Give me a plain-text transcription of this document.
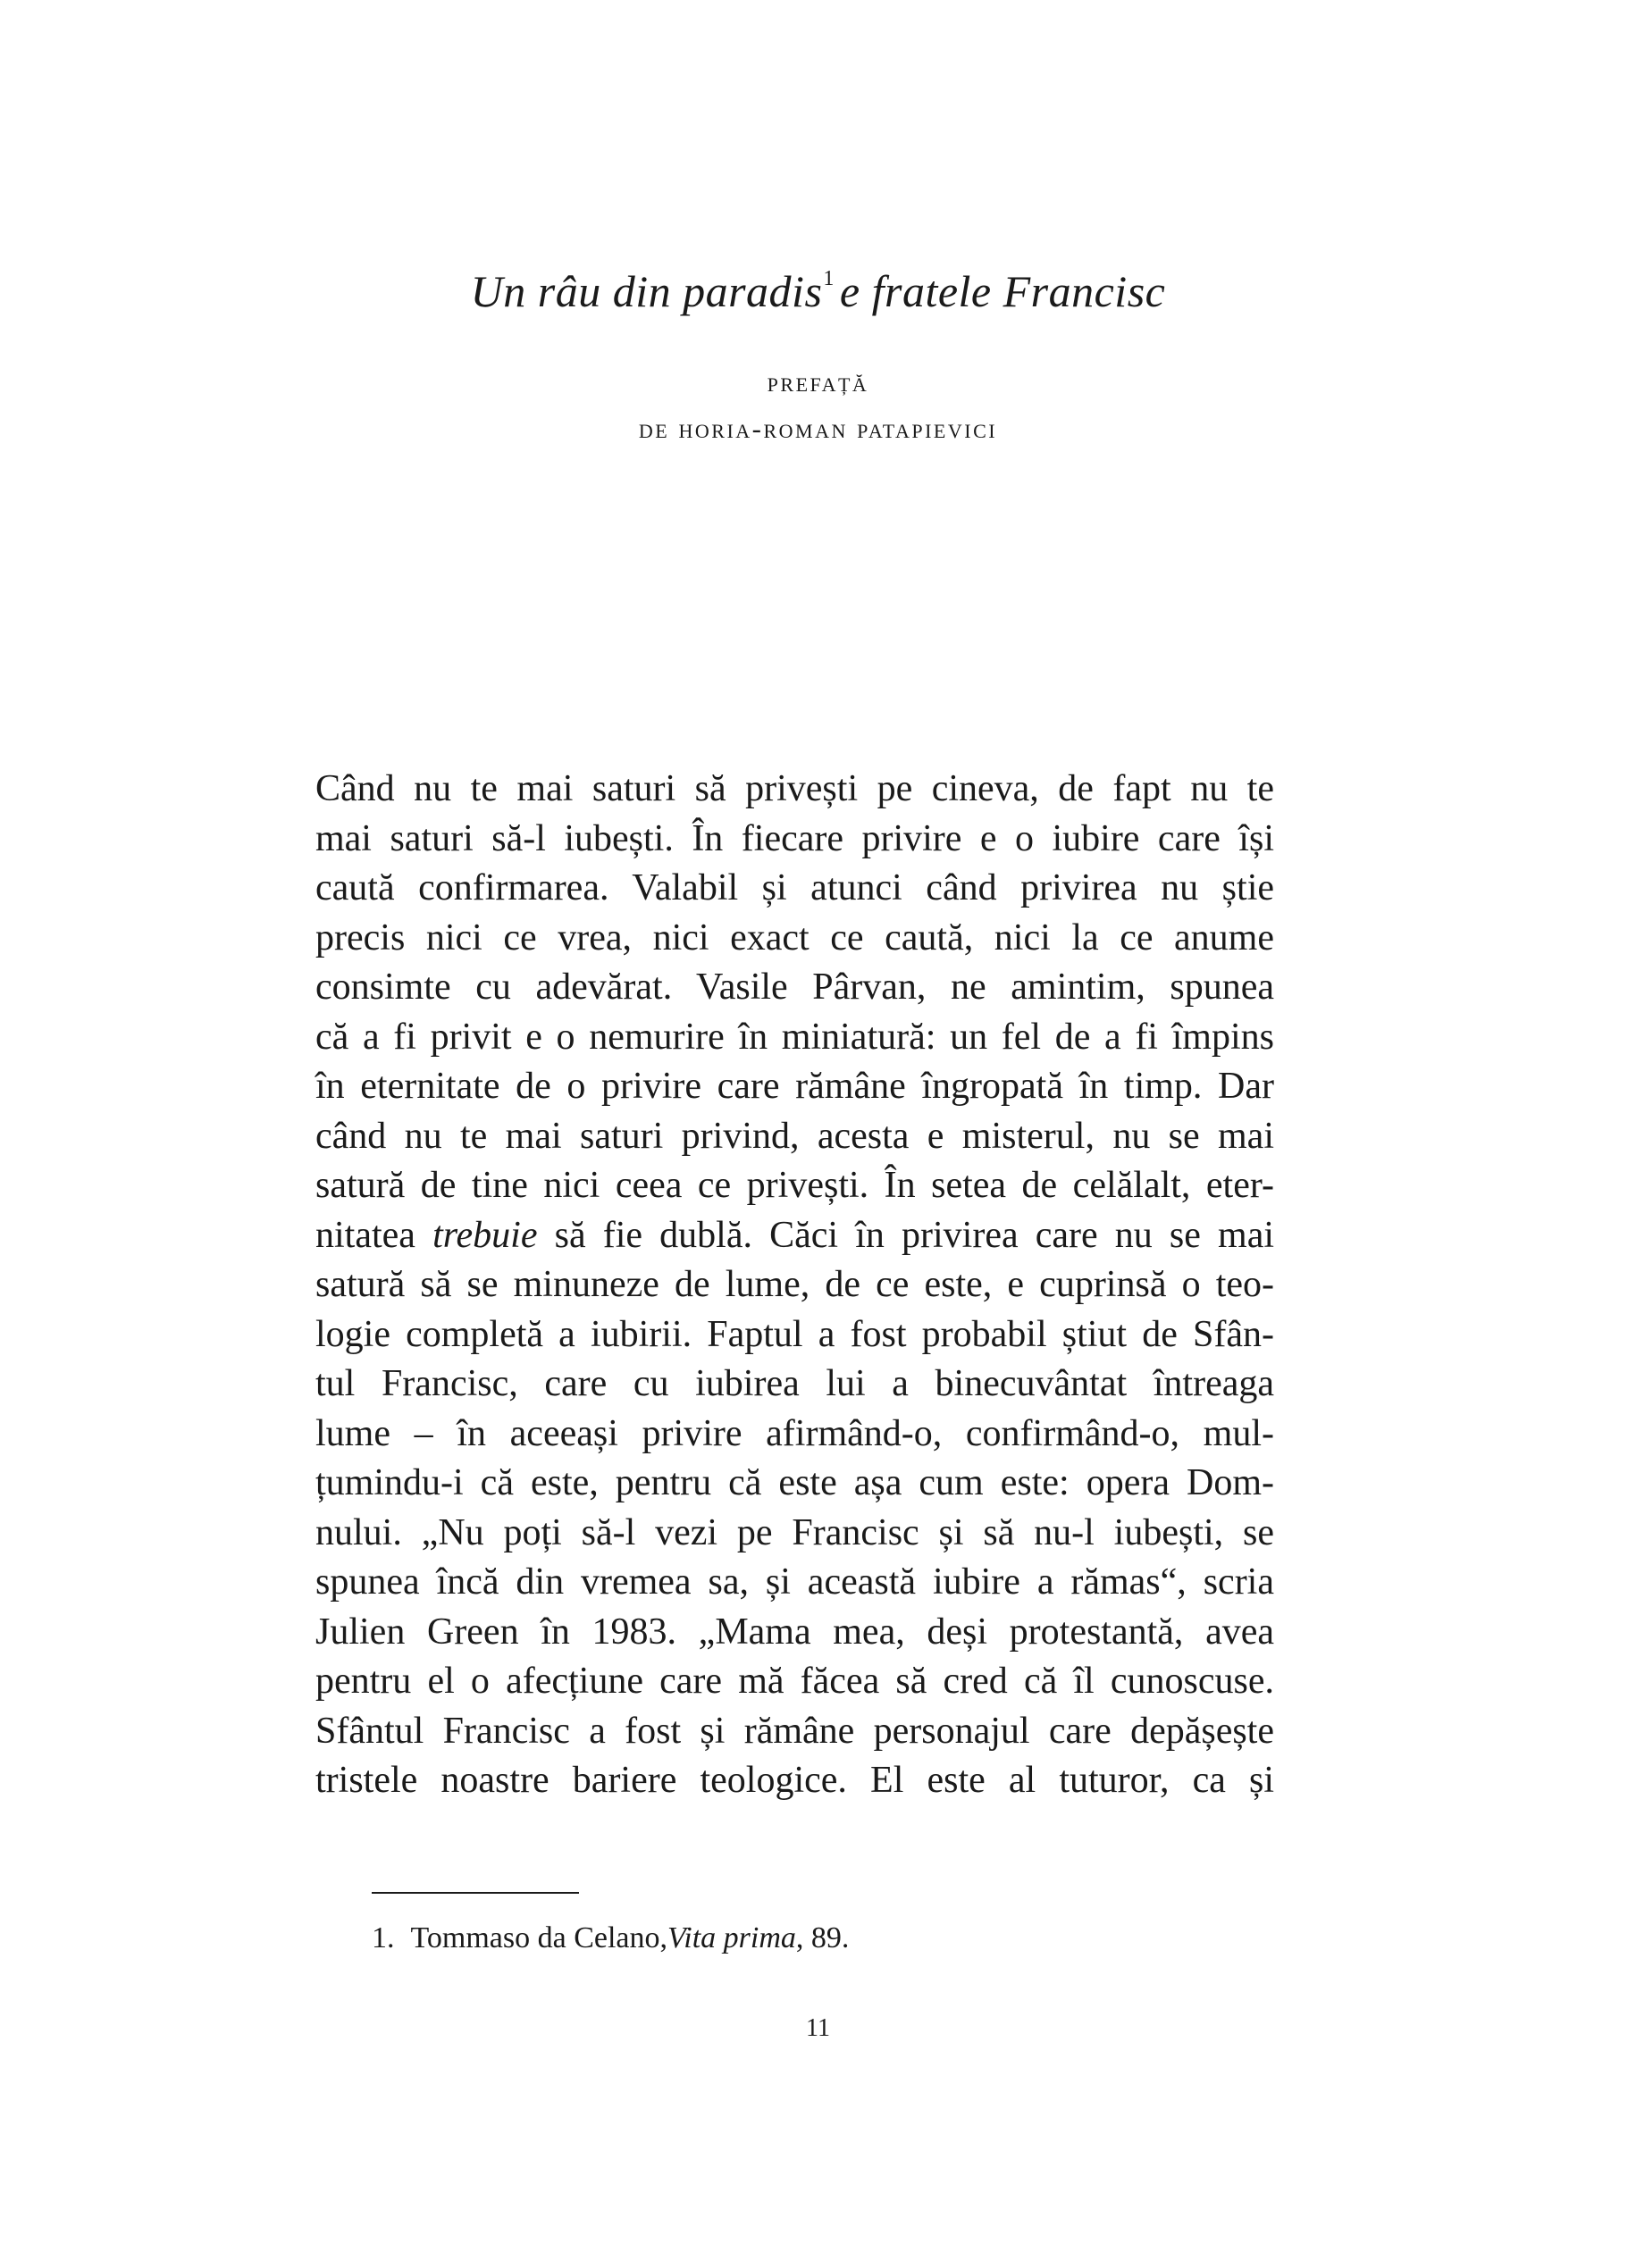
Un râu din paradis$^1$ e fratele Francisc
prefață
de horia-roman patapievici
Când nu te mai saturi să privești pe cineva, de fapt nu te
mai saturi să-l iubești. În fiecare privire e o iubire care își
caută confirmarea. Valabil și atunci când privirea nu știe
precis nici ce vrea, nici exact ce caută, nici la ce anume
consimte cu adevărat. Vasile Pârvan, ne amintim, spunea
că a fi privit e o nemurire în miniatură: un fel de a fi împins
în eternitate de o privire care rămâne îngropată în timp. Dar
când nu te mai saturi privind, acesta e misterul, nu se mai
satură de tine nici ceea ce privești. În setea de celălalt, eter-
nitatea trebuie să fie dublă. Căci în privirea care nu se mai
satură să se minuneze de lume, de ce este, e cuprinsă o teo-
logie completă a iubirii. Faptul a fost probabil știut de Sfân-
tul Francisc, care cu iubirea lui a binecuvântat întreaga
lume – în aceeași privire afirmând-o, confirmând-o, mul-
țumindu-i că este, pentru că este așa cum este: opera Dom-
nului. „Nu poți să-l vezi pe Francisc și să nu-l iubești, se
spunea încă din vremea sa, și această iubire a rămas“, scria
Julien Green în 1983. „Mama mea, deși protestantă, avea
pentru el o afecțiune care mă făcea să cred că îl cunoscuse.
Sfântul Francisc a fost și rămâne personajul care depășește
tristele noastre bariere teologice. El este al tuturor, ca și
1. Tommaso da Celano,Vita prima, 89.
11
